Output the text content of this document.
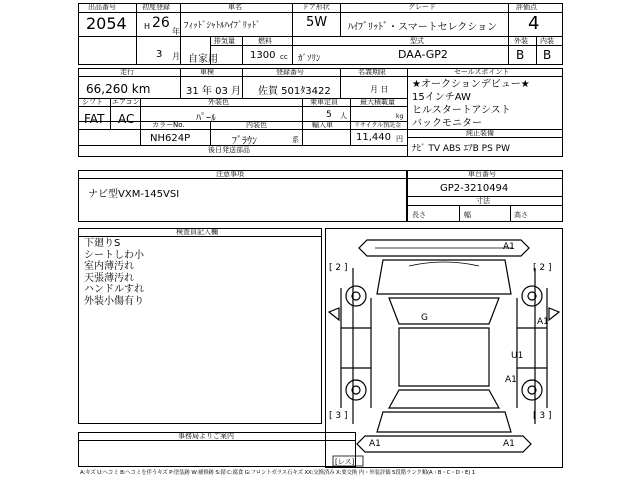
出品番号
2054
初度登録
H 26
年
3 月
車名
ﾌｨｯﾄﾞｼｬﾄﾙﾊｲﾌﾞﾘｯﾄﾞ
ドア形状
5W
グレード
ﾊｲﾌﾞﾘｯﾄﾞ・スマートセレクション
評価点
4
自家用
排気量
1300 cc
燃料
ｶﾞｿﾘﾝ
型式
DAA-GP2
外装 内装
B B
走行
66,260 km
車検
31 年 03 月
登録番号
佐賀 501ﾀ3422
名義期限
月 日
シフト
FAT
エアコン
AC
外装色
ﾊﾟｰﾙ
乗車定員
5 人
最大積載量
kg
カラーNo.
NH624P
内装色
ﾌﾞﾗｳﾝ	系
輸入車	リサイクル預託金
11,440 円
後日発送部品
セールスポイント
★オークションデビュー★
15インチAW
ヒルスタートアシスト
バックモニター
純正装備
ﾅﾋﾞ TV ABS ｴｱB PS PW
注意事項
ナビ型VXM-145VSI
車台番号
GP2-3210494
寸法
長さ	幅	高さ
検査員記入欄
下廻りS
シートしわ小
室内薄汚れ
天張薄汚れ
ハンドルすれ
外装小傷有り
事務局よりご案内
A1
[ 2 ]	[ 2 ]
A1
G
U1
A1
[ 3 ]	[ 3 ]
A1	A1
[レス]
A:キズ U:ヘコミ B:ヘコミを伴うキズ P:塗装跡 W:補修跡 S:錆 C:腐食 G:フロントガラス石キズ XX:交換済み X:要交換 内・外装評価 5段階ランク順(A・B・C・D・E) 1
